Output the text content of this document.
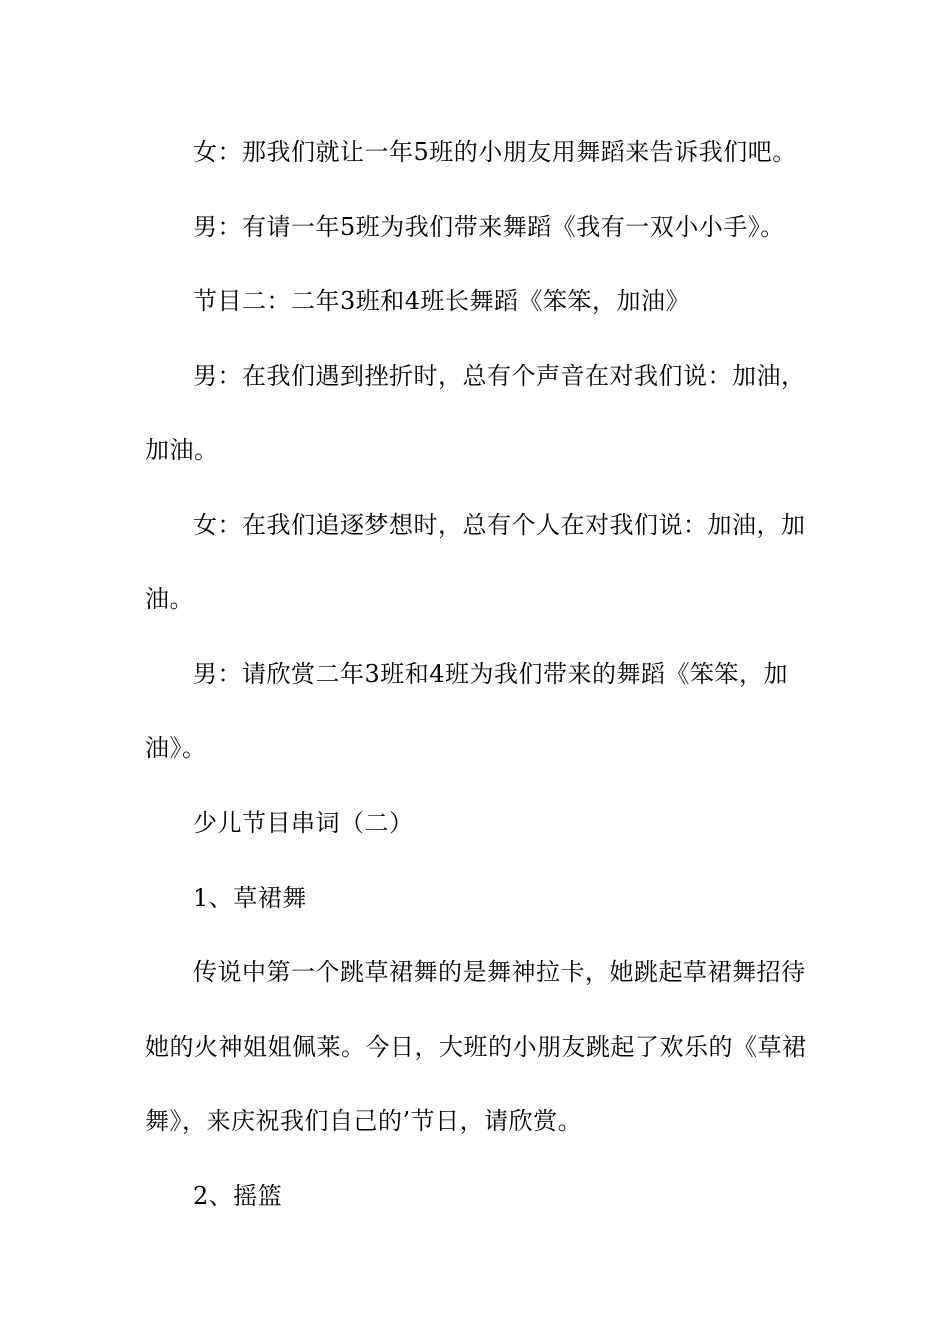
女：那我们就让一年5班的小朋友用舞蹈来告诉我们吧。
男：有请一年5班为我们带来舞蹈《我有一双小小手》。
节目二：二年3班和4班长舞蹈《笨笨，加油》
男：在我们遇到挫折时，总有个声音在对我们说：加油，
加油。
女：在我们追逐梦想时，总有个人在对我们说：加油，加
油。
男：请欣赏二年3班和4班为我们带来的舞蹈《笨笨，加
油》。
少儿节目串词（二）
1、草裙舞
传说中第一个跳草裙舞的是舞神拉卡，她跳起草裙舞招待
她的火神姐姐佩莱。今日，大班的小朋友跳起了欢乐的《草裙
舞》，来庆祝我们自己的’节日，请欣赏。
2、摇篮
